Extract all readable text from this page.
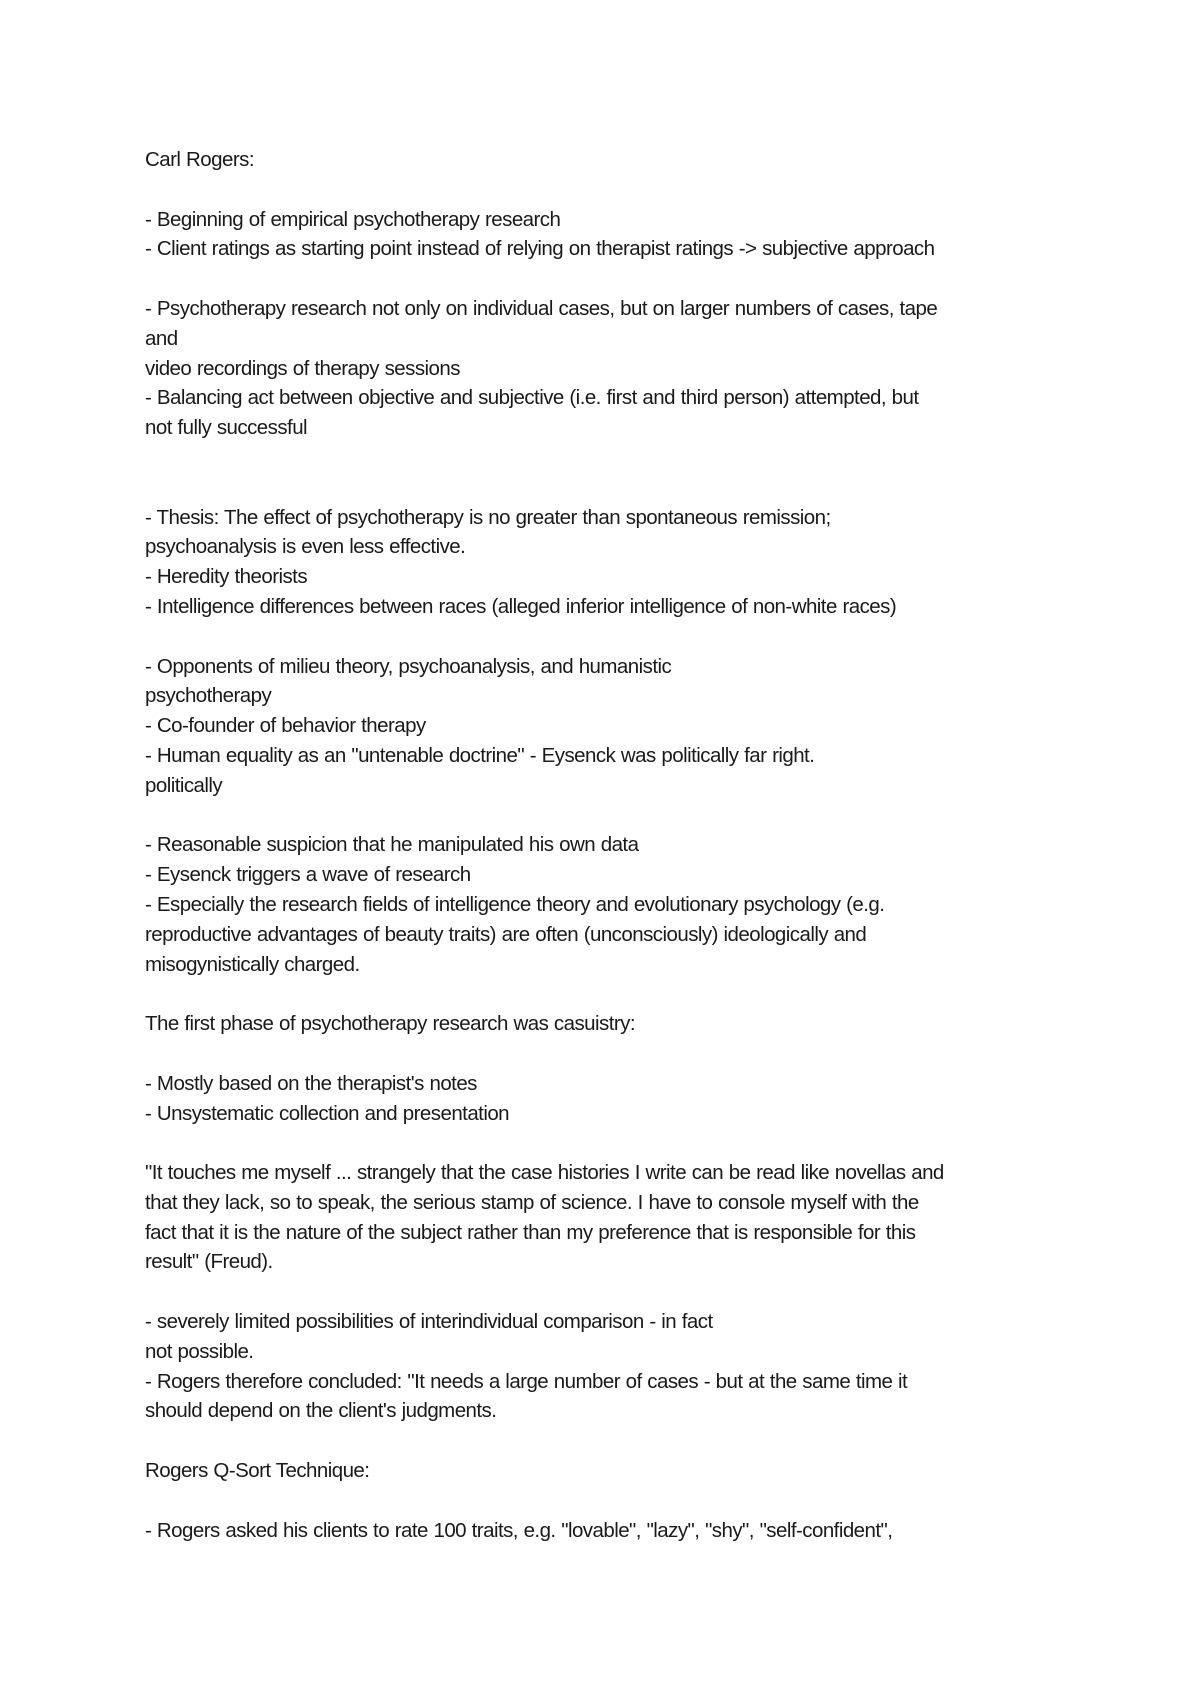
Carl Rogers:
- Beginning of empirical psychotherapy research
- Client ratings as starting point instead of relying on therapist ratings -> subjective approach
- Psychotherapy research not only on individual cases, but on larger numbers of cases, tape
and
video recordings of therapy sessions
- Balancing act between objective and subjective (i.e. first and third person) attempted, but
not fully successful
- Thesis: The effect of psychotherapy is no greater than spontaneous remission;
psychoanalysis is even less effective.
- Heredity theorists
- Intelligence differences between races (alleged inferior intelligence of non-white races)
- Opponents of milieu theory, psychoanalysis, and humanistic
psychotherapy
- Co-founder of behavior therapy
- Human equality as an "untenable doctrine" - Eysenck was politically far right.
politically
- Reasonable suspicion that he manipulated his own data
- Eysenck triggers a wave of research
- Especially the research fields of intelligence theory and evolutionary psychology (e.g.
reproductive advantages of beauty traits) are often (unconsciously) ideologically and
misogynistically charged.
The first phase of psychotherapy research was casuistry:
- Mostly based on the therapist's notes
- Unsystematic collection and presentation
"It touches me myself ... strangely that the case histories I write can be read like novellas and
that they lack, so to speak, the serious stamp of science. I have to console myself with the
fact that it is the nature of the subject rather than my preference that is responsible for this
result" (Freud).
- severely limited possibilities of interindividual comparison - in fact
not possible.
- Rogers therefore concluded: "It needs a large number of cases - but at the same time it
should depend on the client's judgments.
Rogers Q-Sort Technique:
- Rogers asked his clients to rate 100 traits, e.g. "lovable", "lazy", "shy", "self-confident",
